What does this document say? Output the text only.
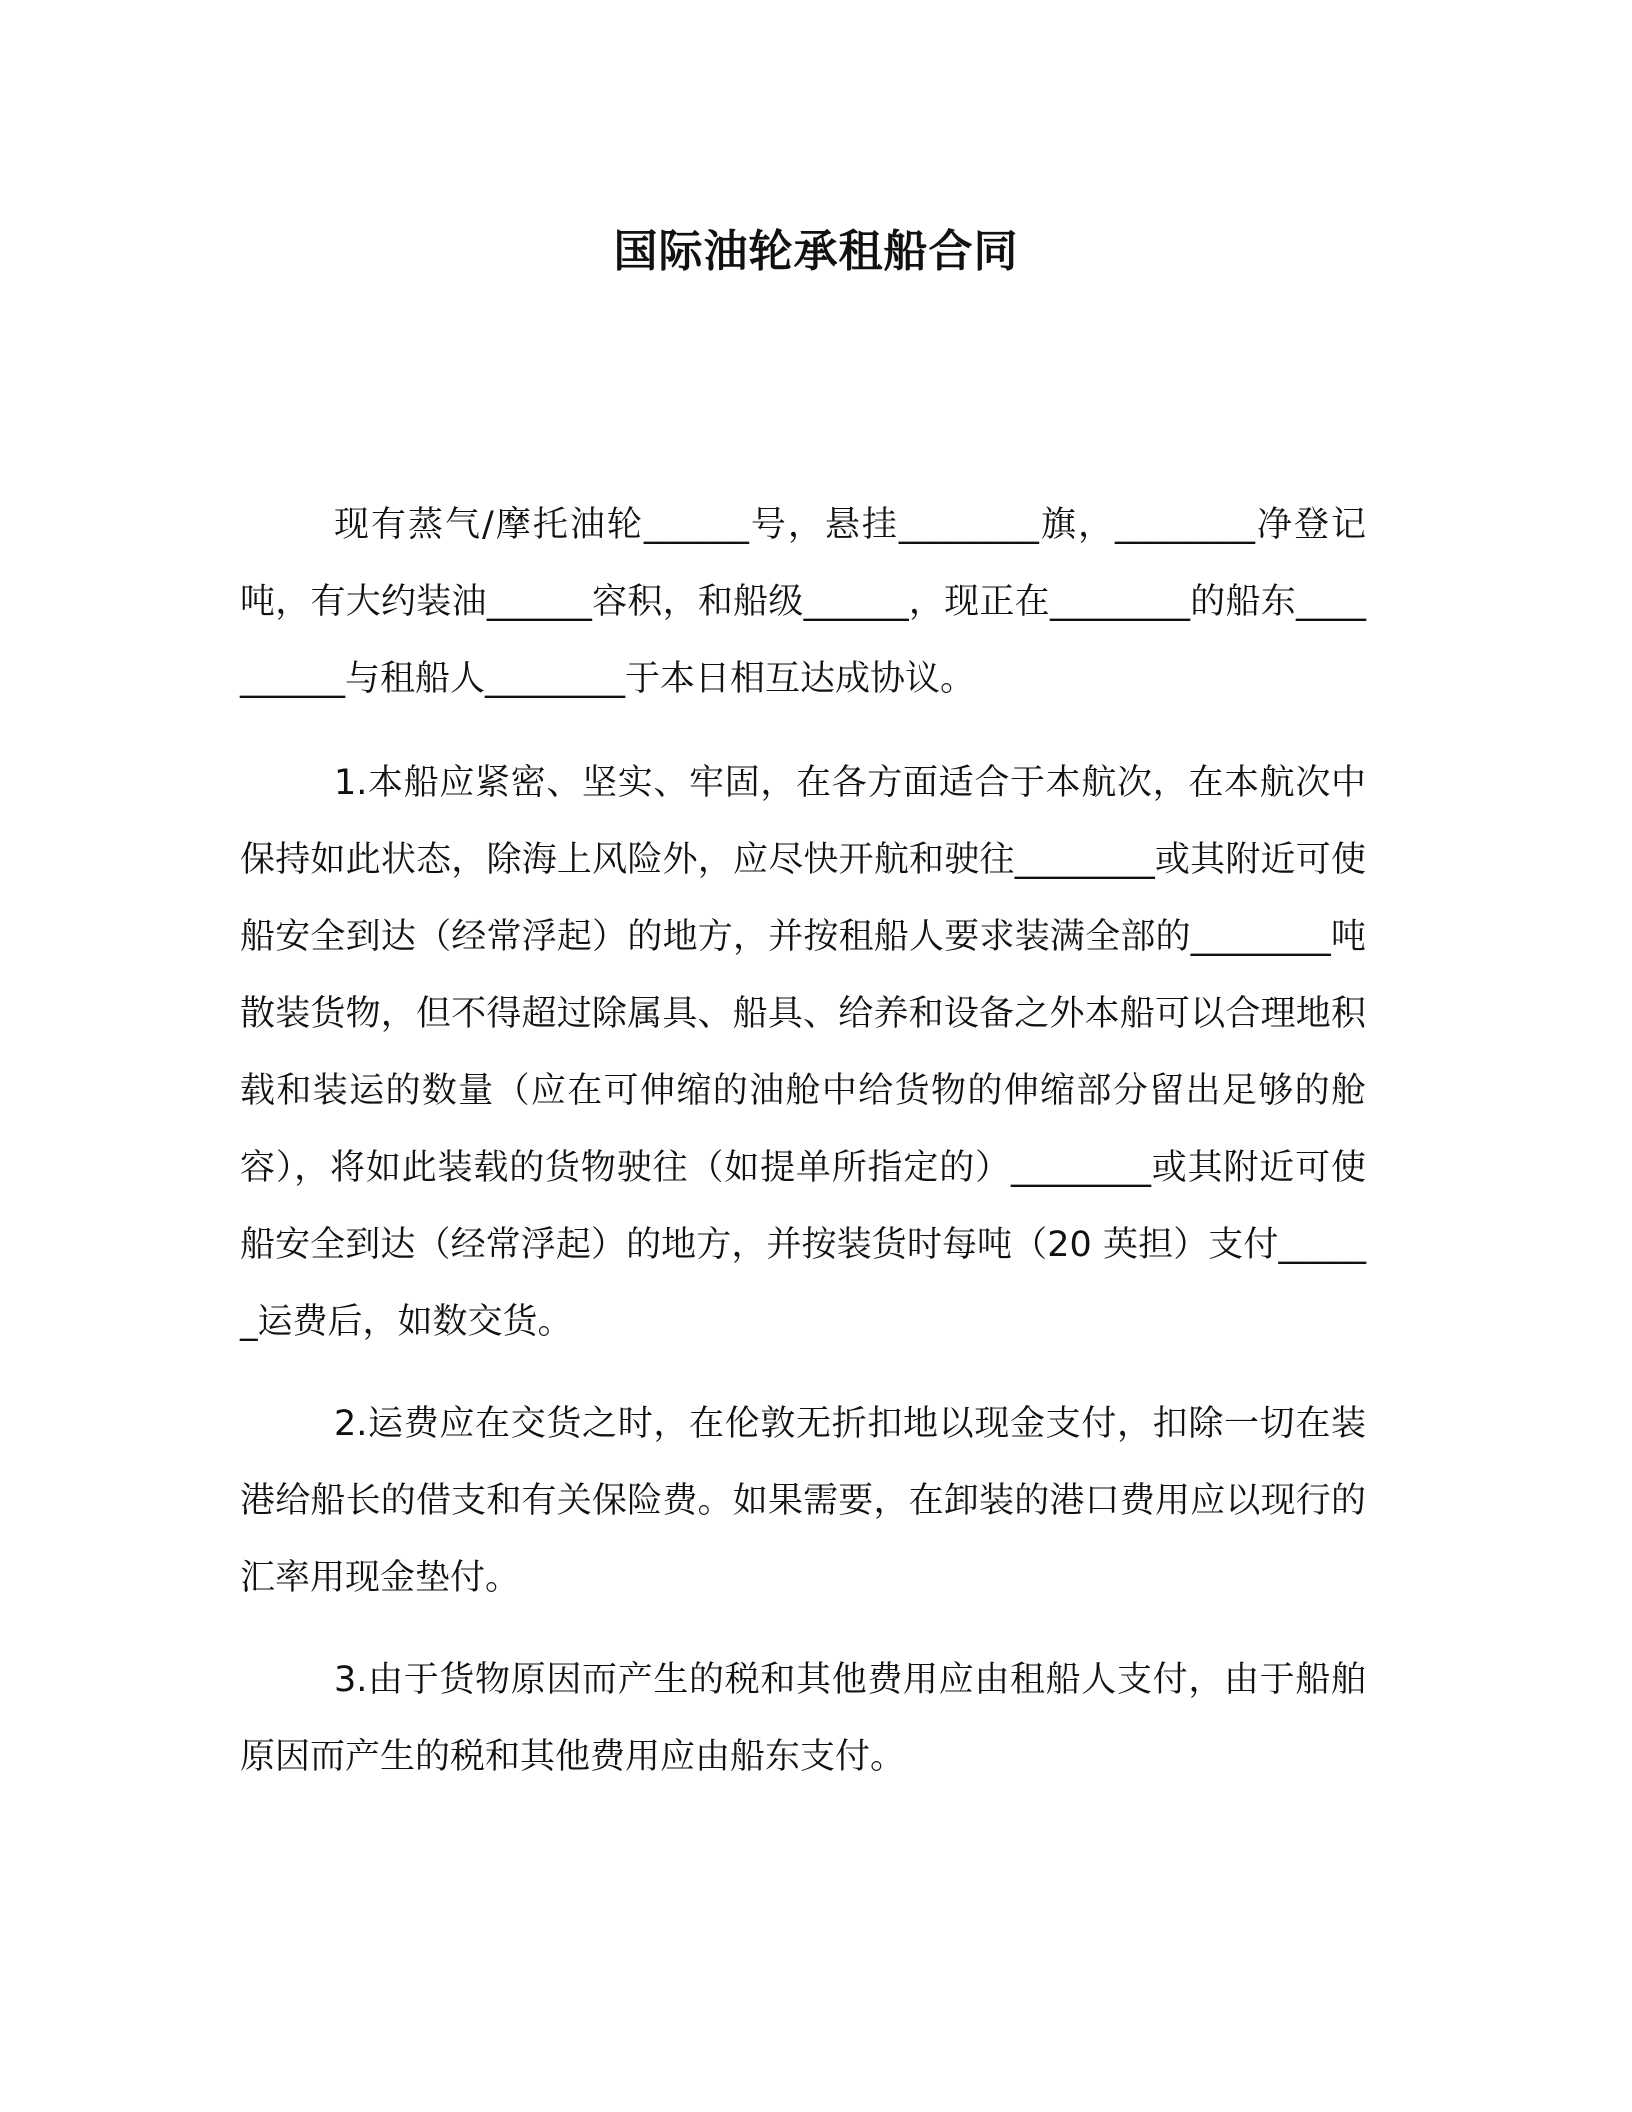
国际油轮承租船合同

现有蒸气/摩托油轮______号，悬挂________旗，________净登记吨，有大约装油______容积，和船级______，现正在________的船东__________与租船人________于本日相互达成协议。

1.本船应紧密、坚实、牢固，在各方面适合于本航次，在本航次中保持如此状态，除海上风险外，应尽快开航和驶往________或其附近可使船安全到达（经常浮起）的地方，并按租船人要求装满全部的________吨散装货物，但不得超过除属具、船具、给养和设备之外本船可以合理地积载和装运的数量（应在可伸缩的油舱中给货物的伸缩部分留出足够的舱容），将如此装载的货物驶往（如提单所指定的）________或其附近可使船安全到达（经常浮起）的地方，并按装货时每吨（20 英担）支付______运费后，如数交货。

2.运费应在交货之时，在伦敦无折扣地以现金支付，扣除一切在装港给船长的借支和有关保险费。如果需要，在卸装的港口费用应以现行的汇率用现金垫付。

3.由于货物原因而产生的税和其他费用应由租船人支付，由于船舶原因而产生的税和其他费用应由船东支付。
